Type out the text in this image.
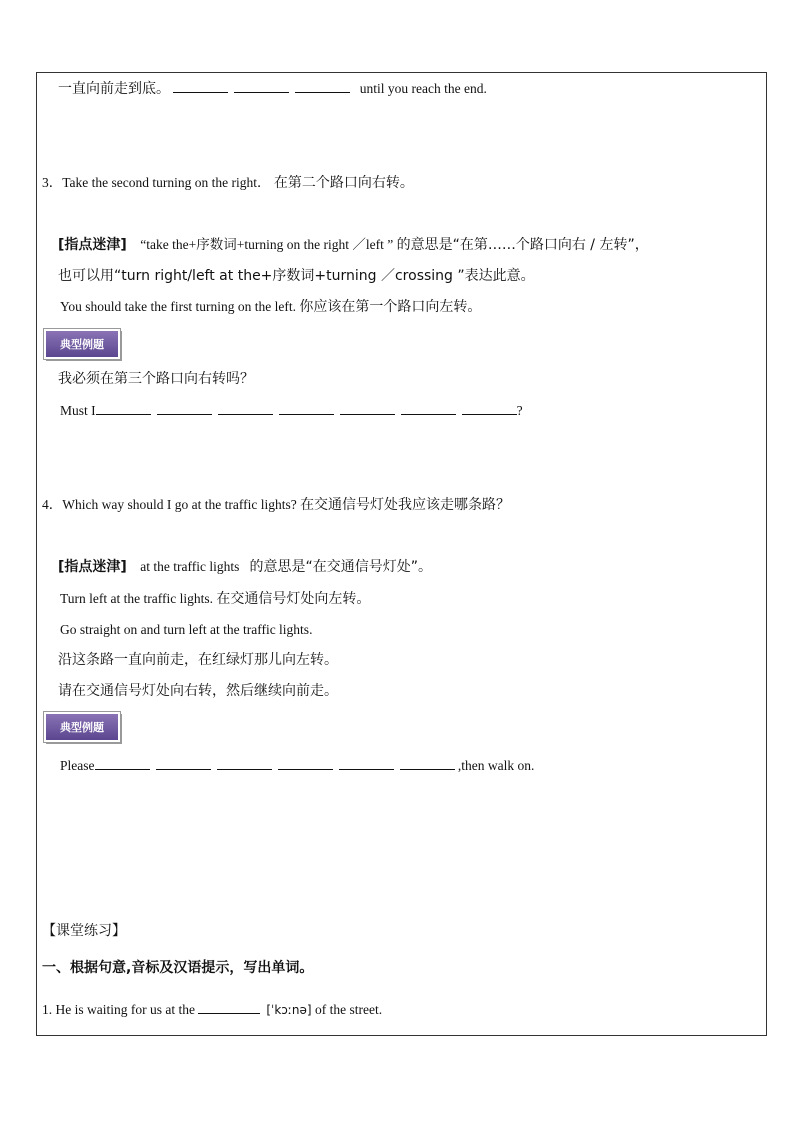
一直向前走到底。	until you reach the end.
3．Take the second turning on the right． 在第二个路口向右转。
[指点迷津] “take the+序数词+turning on the right ／left ” 的意思是“在第……个路口向右 / 左转”，
也可以用“turn right/left at the+序数词+turning ／crossing ”表达此意。
You should take the first turning on the left. 你应该在第一个路口向左转。
典型例题
我必须在第三个路口向右转吗？
Must I	?
4．Which way should I go at the traffic lights? 在交通信号灯处我应该走哪条路？
[指点迷津] at the traffic lights 的意思是“在交通信号灯处”。
Turn left at the traffic lights. 在交通信号灯处向左转。
Go straight on and turn left at the traffic lights.
沿这条路一直向前走，在红绿灯那儿向左转。
请在交通信号灯处向右转，然后继续向前走。
典型例题
Please	,then walk on.
【课堂练习】
一、根据句意,音标及汉语提示，写出单词。
1. He is waiting for us at the	[ˈkɔːnə] of the street.
